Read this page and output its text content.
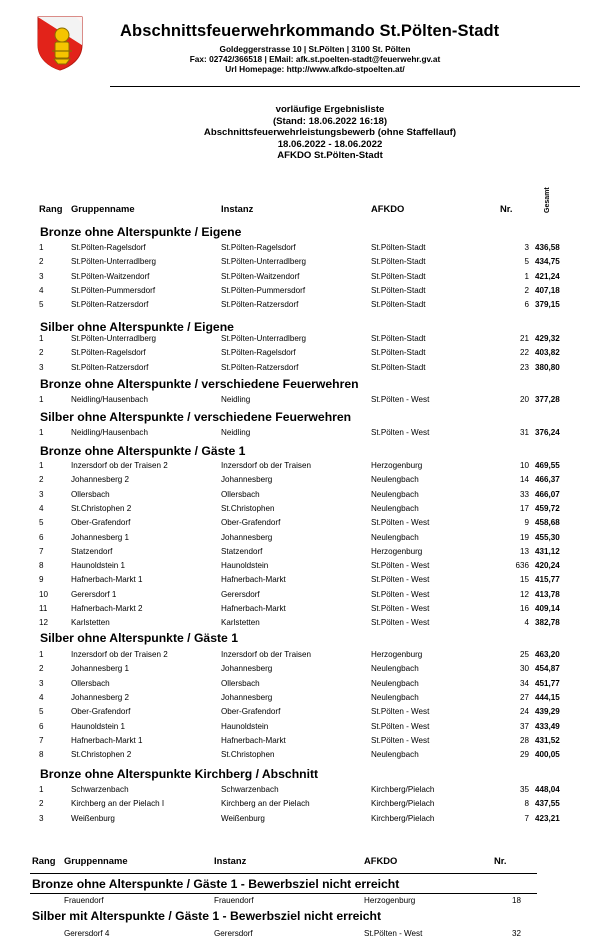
Abschnittsfeuerwehrkommando St.Pölten-Stadt
Goldeggerstrasse 10 | St.Pölten | 3100 St. Pölten
Fax: 02742/366518 | EMail: afk.st.poelten-stadt@feuerwehr.gv.at
Url Homepage: http://www.afkdo-stpoelten.at/
vorläufige Ergebnisliste
(Stand: 18.06.2022 16:18)
Abschnittsfeuerwehrleistungsbewerb (ohne Staffellauf)
18.06.2022 - 18.06.2022
AFKDO St.Pölten-Stadt
Rang Gruppenname	Instanz	AFKDO	Nr.	Gesamt
Bronze ohne Alterspunkte / Eigene
1	St.Pölten-Ragelsdorf	St.Pölten-Ragelsdorf	St.Pölten-Stadt	3 436,58
2	St.Pölten-Unterradlberg	St.Pölten-Unterradlberg	St.Pölten-Stadt	5 434,75
3	St.Pölten-Waitzendorf	St.Pölten-Waitzendorf	St.Pölten-Stadt	1 421,24
4	St.Pölten-Pummersdorf	St.Pölten-Pummersdorf	St.Pölten-Stadt	2 407,18
5	St.Pölten-Ratzersdorf	St.Pölten-Ratzersdorf	St.Pölten-Stadt	6 379,15
Silber ohne Alterspunkte / Eigene
1	St.Pölten-Unterradlberg	St.Pölten-Unterradlberg	St.Pölten-Stadt	21 429,32
2	St.Pölten-Ragelsdorf	St.Pölten-Ragelsdorf	St.Pölten-Stadt	22 403,82
3	St.Pölten-Ratzersdorf	St.Pölten-Ratzersdorf	St.Pölten-Stadt	23 380,80
Bronze ohne Alterspunkte / verschiedene Feuerwehren
1	Neidling/Hausenbach	Neidling	St.Pölten - West	20 377,28
Silber ohne Alterspunkte / verschiedene Feuerwehren
1	Neidling/Hausenbach	Neidling	St.Pölten - West	31 376,24
Bronze ohne Alterspunkte / Gäste 1
1	Inzersdorf ob der Traisen 2	Inzersdorf ob der Traisen	Herzogenburg	10 469,55
2	Johannesberg 2	Johannesberg	Neulengbach	14 466,37
3	Ollersbach	Ollersbach	Neulengbach	33 466,07
4	St.Christophen 2	St.Christophen	Neulengbach	17 459,72
5	Ober-Grafendorf	Ober-Grafendorf	St.Pölten - West	9 458,68
6	Johannesberg 1	Johannesberg	Neulengbach	19 455,30
7	Statzendorf	Statzendorf	Herzogenburg	13 431,12
8	Haunoldstein 1	Haunoldstein	St.Pölten - West	636 420,24
9	Hafnerbach-Markt 1	Hafnerbach-Markt	St.Pölten - West	15 415,77
10	Gerersdorf 1	Gerersdorf	St.Pölten - West	12 413,78
11	Hafnerbach-Markt 2	Hafnerbach-Markt	St.Pölten - West	16 409,14
12	Karlstetten	Karlstetten	St.Pölten - West	4 382,78
Silber ohne Alterspunkte / Gäste 1
1	Inzersdorf ob der Traisen 2	Inzersdorf ob der Traisen	Herzogenburg	25 463,20
2	Johannesberg 1	Johannesberg	Neulengbach	30 454,87
3	Ollersbach	Ollersbach	Neulengbach	34 451,77
4	Johannesberg 2	Johannesberg	Neulengbach	27 444,15
5	Ober-Grafendorf	Ober-Grafendorf	St.Pölten - West	24 439,29
6	Haunoldstein 1	Haunoldstein	St.Pölten - West	37 433,49
7	Hafnerbach-Markt 1	Hafnerbach-Markt	St.Pölten - West	28 431,52
8	St.Christophen 2	St.Christophen	Neulengbach	29 400,05
Bronze ohne Alterspunkte Kirchberg / Abschnitt
1	Schwarzenbach	Schwarzenbach	Kirchberg/Pielach	35 448,04
2	Kirchberg an der Pielach I	Kirchberg an der Pielach	Kirchberg/Pielach	8 437,55
3	Weißenburg	Weißenburg	Kirchberg/Pielach	7 423,21
Rang Gruppenname	Instanz	AFKDO	Nr.
Bronze ohne Alterspunkte / Gäste 1 - Bewerbsziel nicht erreicht
Frauendorf	Frauendorf	Herzogenburg	18
Silber mit Alterspunkte / Gäste 1 - Bewerbsziel nicht erreicht
Gerersdorf 4	Gerersdorf	St.Pölten - West	32
